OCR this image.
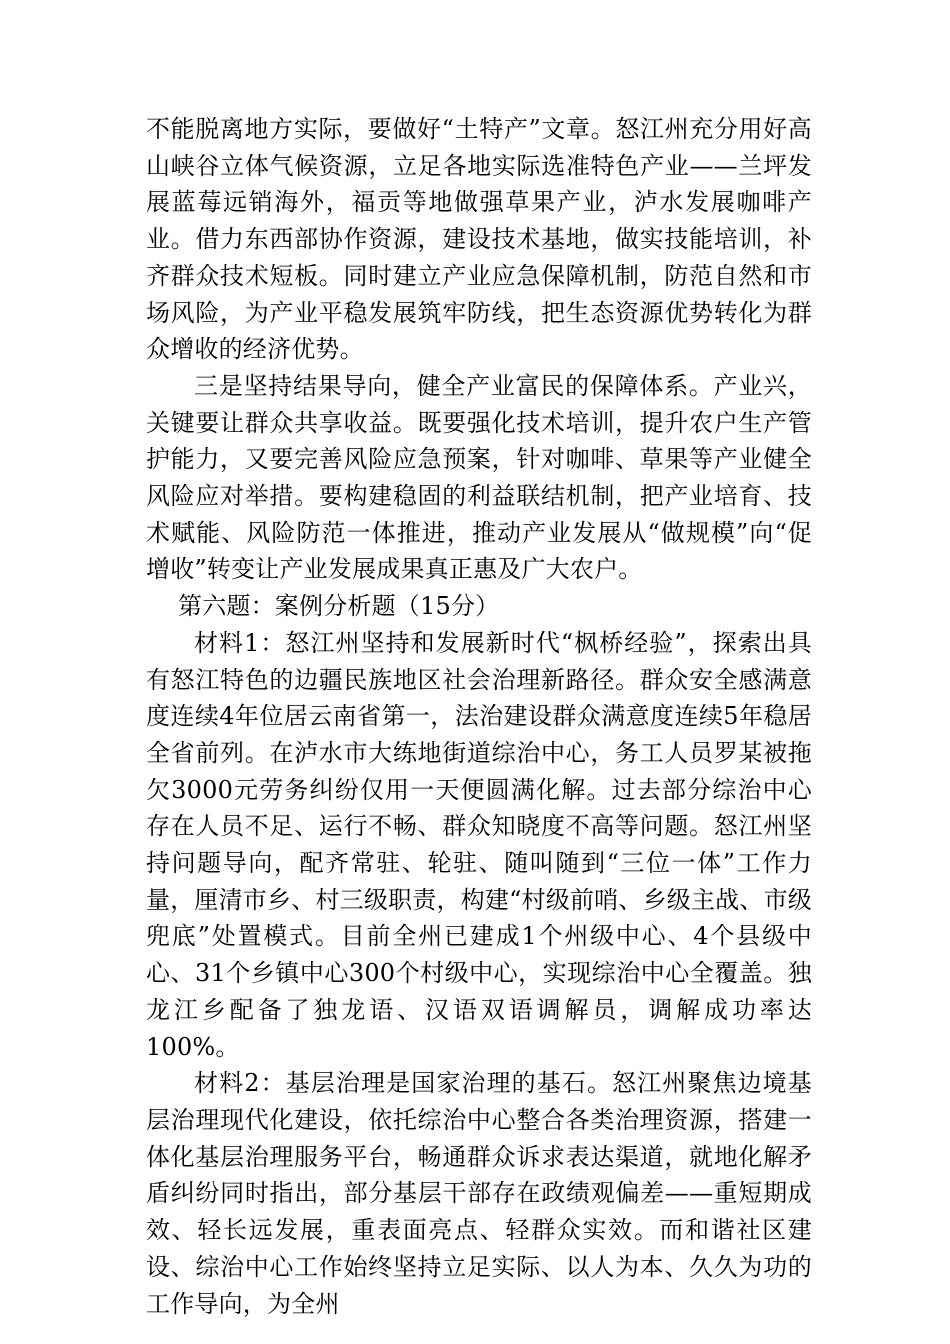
不能脱离地方实际，要做好“土特产”文章。怒江州充分用好高山峡谷立体气候资源，立足各地实际选准特色产业——兰坪发展蓝莓远销海外，福贡等地做强草果产业，泸水发展咖啡产业。借力东西部协作资源，建设技术基地，做实技能培训，补齐群众技术短板。同时建立产业应急保障机制，防范自然和市场风险，为产业平稳发展筑牢防线，把生态资源优势转化为群众增收的经济优势。

三是坚持结果导向，健全产业富民的保障体系。产业兴，关键要让群众共享收益。既要强化技术培训，提升农户生产管护能力，又要完善风险应急预案，针对咖啡、草果等产业健全风险应对举措。要构建稳固的利益联结机制，把产业培育、技术赋能、风险防范一体推进，推动产业发展从“做规模”向“促增收”转变让产业发展成果真正惠及广大农户。

第六题：案例分析题（15分）

材料1：怒江州坚持和发展新时代“枫桥经验”，探索出具有怒江特色的边疆民族地区社会治理新路径。群众安全感满意度连续4年位居云南省第一，法治建设群众满意度连续5年稳居全省前列。在泸水市大练地街道综治中心，务工人员罗某被拖欠3000元劳务纠纷仅用一天便圆满化解。过去部分综治中心存在人员不足、运行不畅、群众知晓度不高等问题。怒江州坚持问题导向，配齐常驻、轮驻、随叫随到“三位一体”工作力量，厘清市乡、村三级职责，构建“村级前哨、乡级主战、市级兜底”处置模式。目前全州已建成1个州级中心、4个县级中心、31个乡镇中心300个村级中心，实现综治中心全覆盖。独龙江乡配备了独龙语、汉语双语调解员，调解成功率达100%。

材料2：基层治理是国家治理的基石。怒江州聚焦边境基层治理现代化建设，依托综治中心整合各类治理资源，搭建一体化基层治理服务平台，畅通群众诉求表达渠道，就地化解矛盾纠纷同时指出，部分基层干部存在政绩观偏差——重短期成效、轻长远发展，重表面亮点、轻群众实效。而和谐社区建设、综治中心工作始终坚持立足实际、以人为本、久久为功的工作导向，为全州
